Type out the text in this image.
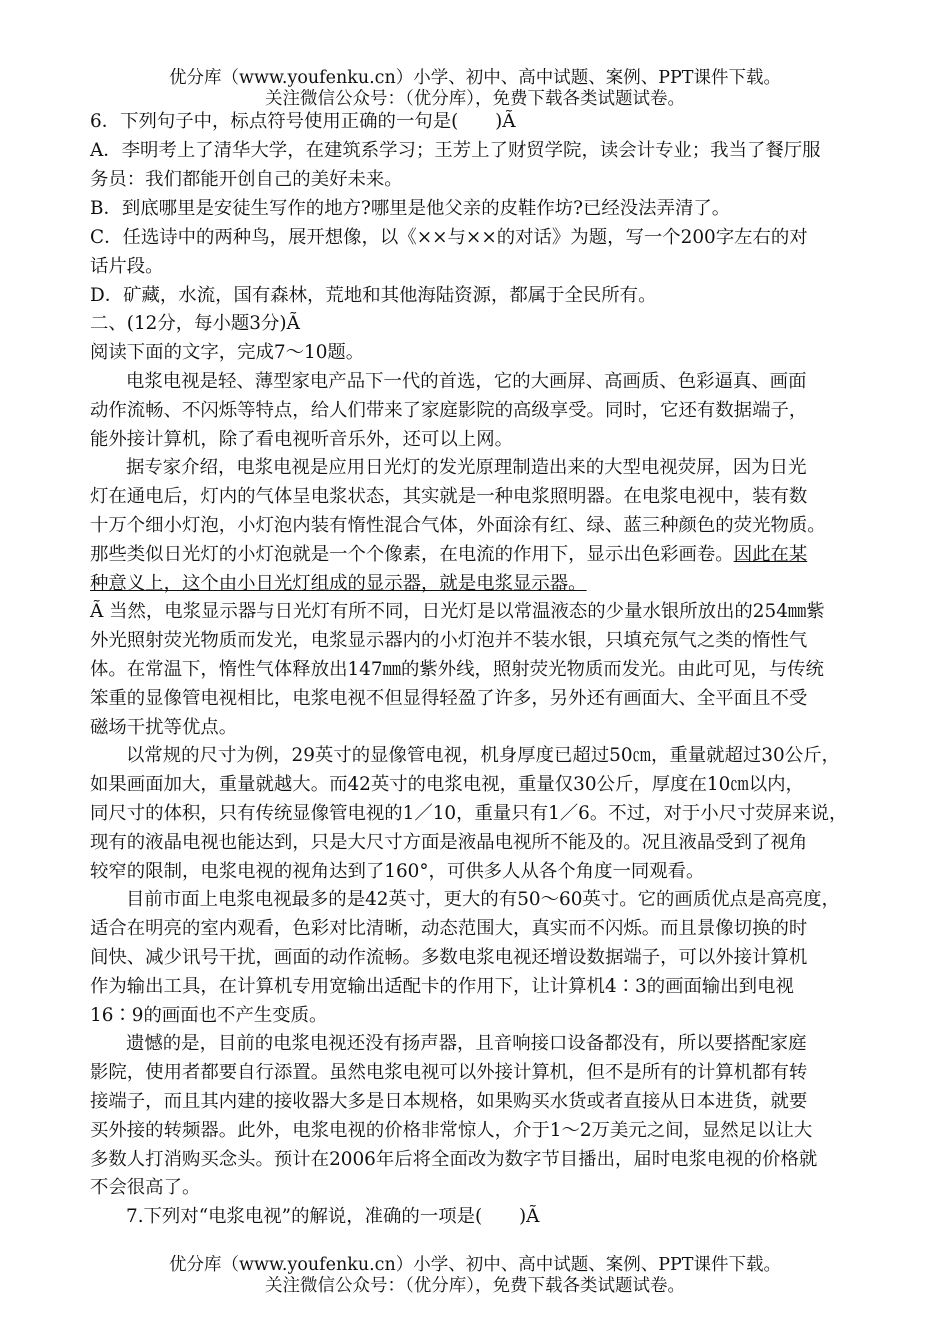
优分库（www.youfenku.cn）小学、初中、高中试题、案例、PPT课件下载。
关注微信公众号：（优分库），免费下载各类试题试卷。
6．下列句子中，标点符号使用正确的一句是(　　)Ã
A．李明考上了清华大学，在建筑系学习；王芳上了财贸学院，读会计专业；我当了餐厅服
务员：我们都能开创自己的美好未来。
B．到底哪里是安徒生写作的地方?哪里是他父亲的皮鞋作坊?已经没法弄清了。
C．任选诗中的两种鸟，展开想像，以《××与××的对话》为题，写一个200字左右的对
话片段。
D．矿藏，水流，国有森林，荒地和其他海陆资源，都属于全民所有。
二、(12分，每小题3分)Ã
阅读下面的文字，完成7～10题。
电浆电视是轻、薄型家电产品下一代的首选，它的大画屏、高画质、色彩逼真、画面
动作流畅、不闪烁等特点，给人们带来了家庭影院的高级享受。同时，它还有数据端子，
能外接计算机，除了看电视听音乐外，还可以上网。
据专家介绍，电浆电视是应用日光灯的发光原理制造出来的大型电视荧屏，因为日光
灯在通电后，灯内的气体呈电浆状态，其实就是一种电浆照明器。在电浆电视中，装有数
十万个细小灯泡，小灯泡内装有惰性混合气体，外面涂有红、绿、蓝三种颜色的荧光物质。
那些类似日光灯的小灯泡就是一个个像素，在电流的作用下，显示出色彩画卷。因此在某
种意义上，这个由小日光灯组成的显示器，就是电浆显示器。
Ã 当然，电浆显示器与日光灯有所不同，日光灯是以常温液态的少量水银所放出的254㎜紫
外光照射荧光物质而发光，电浆显示器内的小灯泡并不装水银，只填充氖气之类的惰性气
体。在常温下，惰性气体释放出147㎜的紫外线，照射荧光物质而发光。由此可见，与传统
笨重的显像管电视相比，电浆电视不但显得轻盈了许多，另外还有画面大、全平面且不受
磁场干扰等优点。
以常规的尺寸为例，29英寸的显像管电视，机身厚度已超过50㎝，重量就超过30公斤，
如果画面加大，重量就越大。而42英寸的电浆电视，重量仅30公斤，厚度在10㎝以内，
同尺寸的体积，只有传统显像管电视的1／10，重量只有1／6。不过，对于小尺寸荧屏来说，
现有的液晶电视也能达到，只是大尺寸方面是液晶电视所不能及的。况且液晶受到了视角
较窄的限制，电浆电视的视角达到了160°，可供多人从各个角度一同观看。
目前市面上电浆电视最多的是42英寸，更大的有50～60英寸。它的画质优点是高亮度，
适合在明亮的室内观看，色彩对比清晰，动态范围大，真实而不闪烁。而且景像切换的时
间快、减少讯号干扰，画面的动作流畅。多数电浆电视还增设数据端子，可以外接计算机
作为输出工具，在计算机专用宽输出适配卡的作用下，让计算机4∶3的画面输出到电视
16∶9的画面也不产生变质。
遗憾的是，目前的电浆电视还没有扬声器，且音响接口设备都没有，所以要搭配家庭
影院，使用者都要自行添置。虽然电浆电视可以外接计算机，但不是所有的计算机都有转
接端子，而且其内建的接收器大多是日本规格，如果购买水货或者直接从日本进货，就要
买外接的转频器。此外，电浆电视的价格非常惊人，介于1～2万美元之间，显然足以让大
多数人打消购买念头。预计在2006年后将全面改为数字节目播出，届时电浆电视的价格就
不会很高了。
7.下列对“电浆电视”的解说，准确的一项是(　　)Ã
优分库（www.youfenku.cn）小学、初中、高中试题、案例、PPT课件下载。
关注微信公众号：（优分库），免费下载各类试题试卷。
